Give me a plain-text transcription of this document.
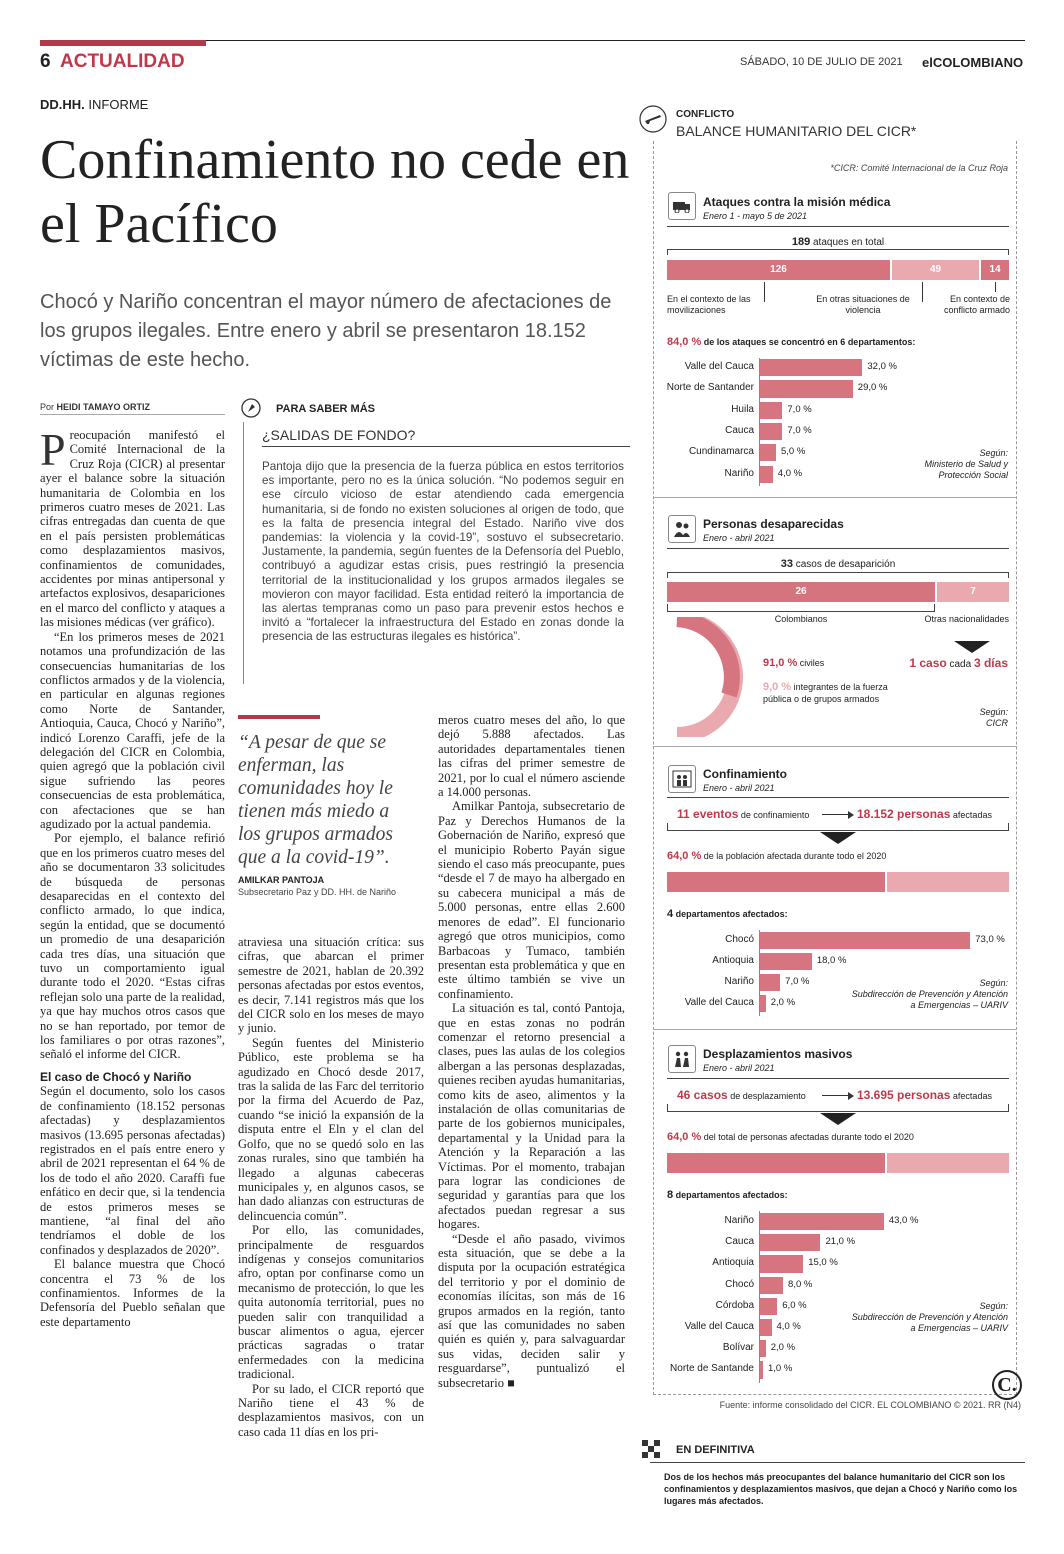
6 ACTUALIDAD	SÁBADO, 10 DE JULIO DE 2021	elCOLOMBIANO
DD.HH. INFORME
Confinamiento no cede en el Pacífico
Chocó y Nariño concentran el mayor número de afectaciones de los grupos ilegales. Entre enero y abril se presentaron 18.152 víctimas de este hecho.
Por HEIDI TAMAYO ORTIZ

Preocupación manifestó el Comité Internacional de la Cruz Roja (CICR) al presentar ayer el balance sobre la situación humanitaria de Colombia en los primeros cuatro meses de 2021. Las cifras entregadas dan cuenta de que en el país persisten problemáticas como desplazamientos masivos, confinamientos de comunidades, accidentes por minas antipersonal y artefactos explosivos, desapariciones en el marco del conflicto y ataques a las misiones médicas (ver gráfico).

“En los primeros meses de 2021 notamos una profundización de las consecuencias humanitarias de los conflictos armados y de la violencia, en particular en algunas regiones como Norte de Santander, Antioquia, Cauca, Chocó y Nariño”, indicó Lorenzo Caraffi, jefe de la delegación del CICR en Colombia, quien agregó que la población civil sigue sufriendo las peores consecuencias de esta problemática, con afectaciones que se han agudizado por la actual pandemia.

Por ejemplo, el balance refirió que en los primeros cuatro meses del año se documentaron 33 solicitudes de búsqueda de personas desaparecidas en el contexto del conflicto armado, lo que indica, según la entidad, que se documentó un promedio de una desaparición cada tres días, una situación que tuvo un comportamiento igual durante todo el 2020. “Estas cifras reflejan solo una parte de la realidad, ya que hay muchos otros casos que no se han reportado, por temor de los familiares o por otras razones”, señaló el informe del CICR.

El caso de Chocó y Nariño

Según el documento, solo los casos de confinamiento (18.152 personas afectadas) y desplazamientos masivos (13.695 personas afectadas) registrados en el país entre enero y abril de 2021 representan el 64 % de los de todo el año 2020. Caraffi fue enfático en decir que, si la tendencia de estos primeros meses se mantiene, “al final del año tendríamos el doble de los confinados y desplazados de 2020”.

El balance muestra que Chocó concentra el 73 % de los confinamientos. Informes de la Defensoría del Pueblo señalan que este departamento

PARA SABER MÁS
¿SALIDAS DE FONDO?
Pantoja dijo que la presencia de la fuerza pública en estos territorios es importante, pero no es la única solución. “No podemos seguir en ese círculo vicioso de estar atendiendo cada emergencia humanitaria, si de fondo no existen soluciones al origen de todo, que es la falta de presencia integral del Estado. Nariño vive dos pandemias: la violencia y la covid-19”, sostuvo el subsecretario. Justamente, la pandemia, según fuentes de la Defensoría del Pueblo, contribuyó a agudizar estas crisis, pues restringió la presencia territorial de la institucionalidad y los grupos armados ilegales se movieron con mayor facilidad. Esta entidad reiteró la importancia de las alertas tempranas como un paso para prevenir estos hechos e invitó a “fortalecer la infraestructura del Estado en zonas donde la presencia de las estructuras ilegales es histórica”.
“A pesar de que se enferman, las comunidades hoy le tienen más miedo a los grupos armados que a la covid-19”.
AMILKAR PANTOJA
Subsecretario Paz y DD. HH. de Nariño

atraviesa una situación crítica: sus cifras, que abarcan el primer semestre de 2021, hablan de 20.392 personas afectadas por estos eventos, es decir, 7.141 registros más que los del CICR solo en los meses de mayo y junio.

Según fuentes del Ministerio Público, este problema se ha agudizado en Chocó desde 2017, tras la salida de las Farc del territorio por la firma del Acuerdo de Paz, cuando “se inició la expansión de la disputa entre el Eln y el clan del Golfo, que no se quedó solo en las zonas rurales, sino que también ha llegado a algunas cabeceras municipales y, en algunos casos, se han dado alianzas con estructuras de delincuencia común”.

Por ello, las comunidades, principalmente de resguardos indígenas y consejos comunitarios afro, optan por confinarse como un mecanismo de protección, lo que les quita autonomía territorial, pues no pueden salir con tranquilidad a buscar alimentos o agua, ejercer prácticas sagradas o tratar enfermedades con la medicina tradicional.

Por su lado, el CICR reportó que Nariño tiene el 43 % de desplazamientos masivos, con un caso cada 11 días en los pri-

meros cuatro meses del año, lo que dejó 5.888 afectados. Las autoridades departamentales tienen las cifras del primer semestre de 2021, por lo cual el número asciende a 14.000 personas.

Amilkar Pantoja, subsecretario de Paz y Derechos Humanos de la Gobernación de Nariño, expresó que el municipio Roberto Payán sigue siendo el caso más preocupante, pues “desde el 7 de mayo ha albergado en su cabecera municipal a más de 5.000 personas, entre ellas 2.600 menores de edad”. El funcionario agregó que otros municipios, como Barbacoas y Tumaco, también presentan esta problemática y que en este último también se vive un confinamiento.

La situación es tal, contó Pantoja, que en estas zonas no podrán comenzar el retorno presencial a clases, pues las aulas de los colegios albergan a las personas desplazadas, quienes reciben ayudas humanitarias, como kits de aseo, alimentos y la instalación de ollas comunitarias de parte de los gobiernos municipales, departamental y la Unidad para la Atención y la Reparación a las Víctimas. Por el momento, trabajan para lograr las condiciones de seguridad y garantías para que los afectados puedan regresar a sus hogares.

“Desde el año pasado, vivimos esta situación, que se debe a la disputa por la ocupación estratégica del territorio y por el dominio de economías ilícitas, son más de 16 grupos armados en la región, tanto así que las comunidades no saben quién es quién y, para salvaguardar sus vidas, deciden salir y resguardarse”, puntualizó el subsecretario ■

CONFLICTO
BALANCE HUMANITARIO DEL CICR*
*CICR: Comité Internacional de la Cruz Roja
Ataques contra la misión médica
Enero 1 - mayo 5 de 2021
189 ataques en total
126	49	14
En el contexto de las movilizaciones
En otras situaciones de violencia
En contexto de conflicto armado
84,0 % de los ataques se concentró en 6 departamentos:
Valle del Cauca	32,0 %
Norte de Santander	29,0 %
Huila	7,0 %
Cauca	7,0 %
Cundinamarca	5,0 %
Nariño	4,0 %
Según:
Ministerio de Salud y Protección Social
Personas desaparecidas
Enero - abril 2021
33 casos de desaparición
26	7
Colombianos	Otras nacionalidades
91,0 % civiles	1 caso cada 3 días
9,0 % integrantes de la fuerza pública o de grupos armados
Según:
CICR
Confinamiento
Enero - abril 2021
11 eventos de confinamiento	18.152 personas afectadas
64,0 % de la población afectada durante todo el 2020
4 departamentos afectados:
Chocó	73,0 %
Antioquia	18,0 %
Nariño	7,0 %
Valle del Cauca 2,0 %
Según:
Subdirección de Prevención y Atención a Emergencias – UARIV
Desplazamientos masivos
Enero - abril 2021
46 casos de desplazamiento	13.695 personas afectadas
64,0 % del total de personas afectadas durante todo el 2020
8 departamentos afectados:
Nariño	43,0 %
Cauca	21,0 %
Antioquia	15,0 %
Chocó	8,0 %
Córdoba	6,0 %
Valle del Cauca 4,0 %
Bolívar 2,0 %
Norte de Santande 1,0 %
Según:
Subdirección de Prevención y Atención a Emergencias – UARIV
C.
Fuente: informe consolidado del CICR. EL COLOMBIANO © 2021. RR (N4)
EN DEFINITIVA
Dos de los hechos más preocupantes del balance humanitario del CICR son los confinamientos y desplazamientos masivos, que dejan a Chocó y Nariño como los lugares más afectados.
